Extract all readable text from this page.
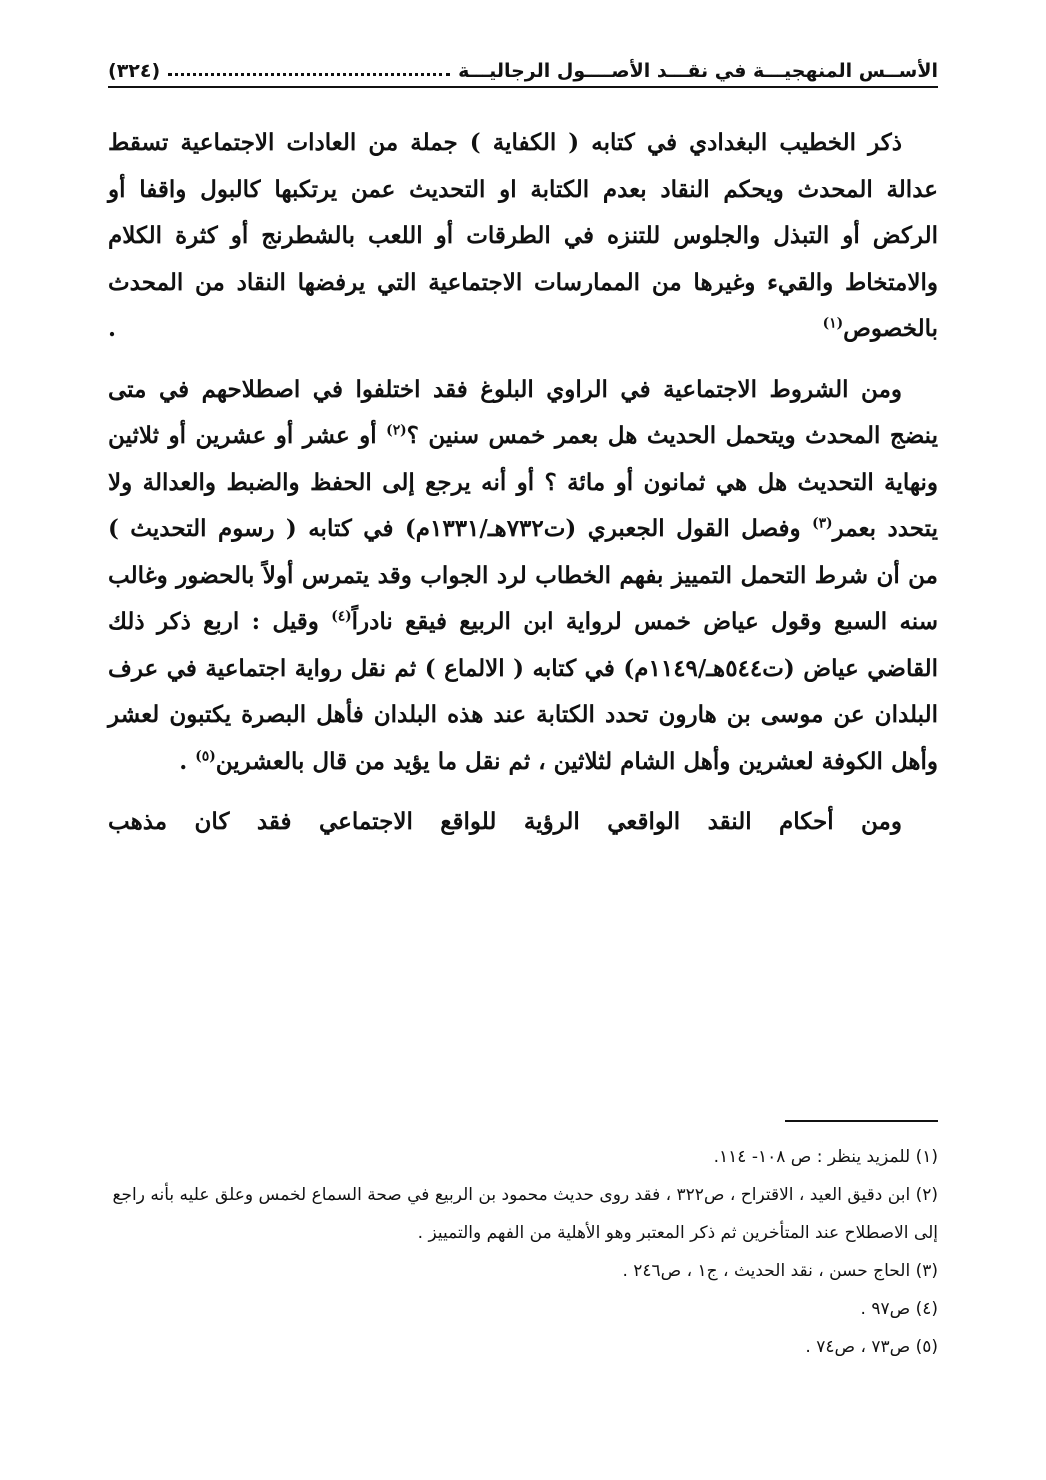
الأســس المنهجيـــة في نقـــد الأصــــول الرجاليـــة
(٣٢٤)

ذكر الخطيب البغدادي في كتابه ( الكفاية ) جملة من العادات الاجتماعية تسقط عدالة المحدث ويحكم النقاد بعدم الكتابة او التحديث عمن يرتكبها كالبول واقفا أو الركض أو التبذل والجلوس للتنزه في الطرقات أو اللعب بالشطرنج أو كثرة الكلام والامتخاط والقيء وغيرها من الممارسات الاجتماعية التي يرفضها النقاد من المحدث بالخصوص$^{(١)}$ .

ومن الشروط الاجتماعية في الراوي البلوغ فقد اختلفوا في اصطلاحهم في متى ينضج المحدث ويتحمل الحديث هل بعمر خمس سنين ؟$^{(٢)}$ أو عشر أو عشرين أو ثلاثين ونهاية التحديث هل هي ثمانون أو مائة ؟ أو أنه يرجع إلى الحفظ والضبط والعدالة ولا يتحدد بعمر$^{(٣)}$ وفصل القول الجعبري (ت٧٣٢هـ/١٣٣١م) في كتابه ( رسوم التحديث ) من أن شرط التحمل التمييز بفهم الخطاب لرد الجواب وقد يتمرس أولاً بالحضور وغالب سنه السبع وقول عياض خمس لرواية ابن الربيع فيقع نادراً$^{(٤)}$ وقيل : اربع ذكر ذلك القاضي عياض (ت٥٤٤هـ/١١٤٩م) في كتابه ( الالماع ) ثم نقل رواية اجتماعية في عرف البلدان عن موسى بن هارون تحدد الكتابة عند هذه البلدان فأهل البصرة يكتبون لعشر وأهل الكوفة لعشرين وأهل الشام لثلاثين ، ثم نقل ما يؤيد من قال بالعشرين$^{(٥)}$ .

ومن أحكام النقد الواقعي الرؤية للواقع الاجتماعي فقد كان مذهب

(١) للمزيد ينظر : ص ١٠٨- ١١٤.
(٢) ابن دقيق العيد ، الاقتراح ، ص٣٢٢ ، فقد روى حديث محمود بن الربيع في صحة السماع لخمس وعلق عليه بأنه راجع إلى الاصطلاح عند المتأخرين ثم ذكر المعتبر وهو الأهلية من الفهم والتمييز .
(٣) الحاج حسن ، نقد الحديث ، ج١ ، ص٢٤٦ .
(٤) ص٩٧ .
(٥) ص٧٣ ، ص٧٤ .
